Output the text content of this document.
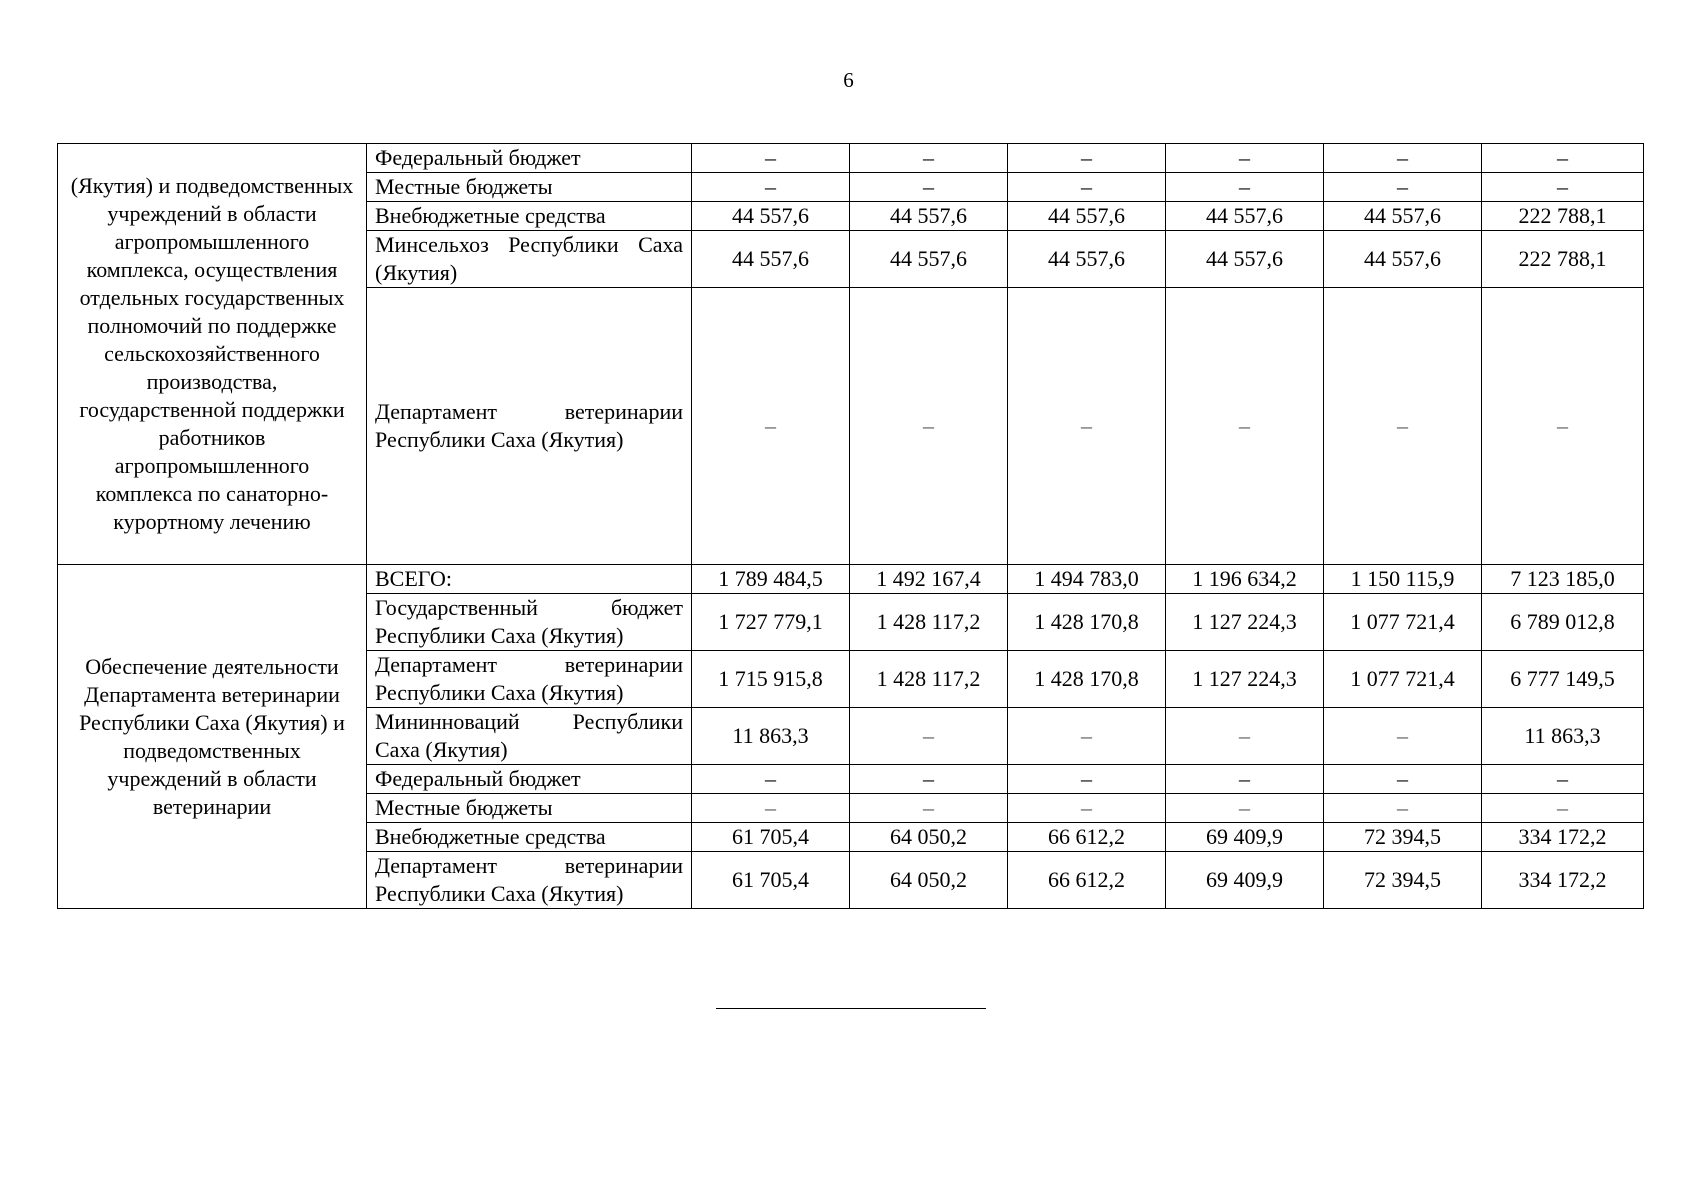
6
(Якутия) и подведомственных учреждений в области агропромышленного комплекса, осуществления отдельных государственных полномочий по поддержке сельскохозяйственного производства, государственной поддержки работников агропромышленного комплекса по санаторно-курортному лечению	Федеральный бюджет	–	–	–	–	–	–
	Местные бюджеты	–	–	–	–	–	–
	Внебюджетные средства	44 557,6	44 557,6	44 557,6	44 557,6	44 557,6	222 788,1
	Минсельхоз Республики Саха (Якутия)	44 557,6	44 557,6	44 557,6	44 557,6	44 557,6	222 788,1
	Департамент ветеринарии Республики Саха (Якутия)	–	–	–	–	–	–
Обеспечение деятельности Департамента ветеринарии Республики Саха (Якутия) и подведомственных учреждений в области ветеринарии	ВСЕГО:	1 789 484,5	1 492 167,4	1 494 783,0	1 196 634,2	1 150 115,9	7 123 185,0
	Государственный бюджет Республики Саха (Якутия)	1 727 779,1	1 428 117,2	1 428 170,8	1 127 224,3	1 077 721,4	6 789 012,8
	Департамент ветеринарии Республики Саха (Якутия)	1 715 915,8	1 428 117,2	1 428 170,8	1 127 224,3	1 077 721,4	6 777 149,5
	Мининноваций Республики Саха (Якутия)	11 863,3	–	–	–	–	11 863,3
	Федеральный бюджет	–	–	–	–	–	–
	Местные бюджеты	–	–	–	–	–	–
	Внебюджетные средства	61 705,4	64 050,2	66 612,2	69 409,9	72 394,5	334 172,2
	Департамент ветеринарии Республики Саха (Якутия)	61 705,4	64 050,2	66 612,2	69 409,9	72 394,5	334 172,2
